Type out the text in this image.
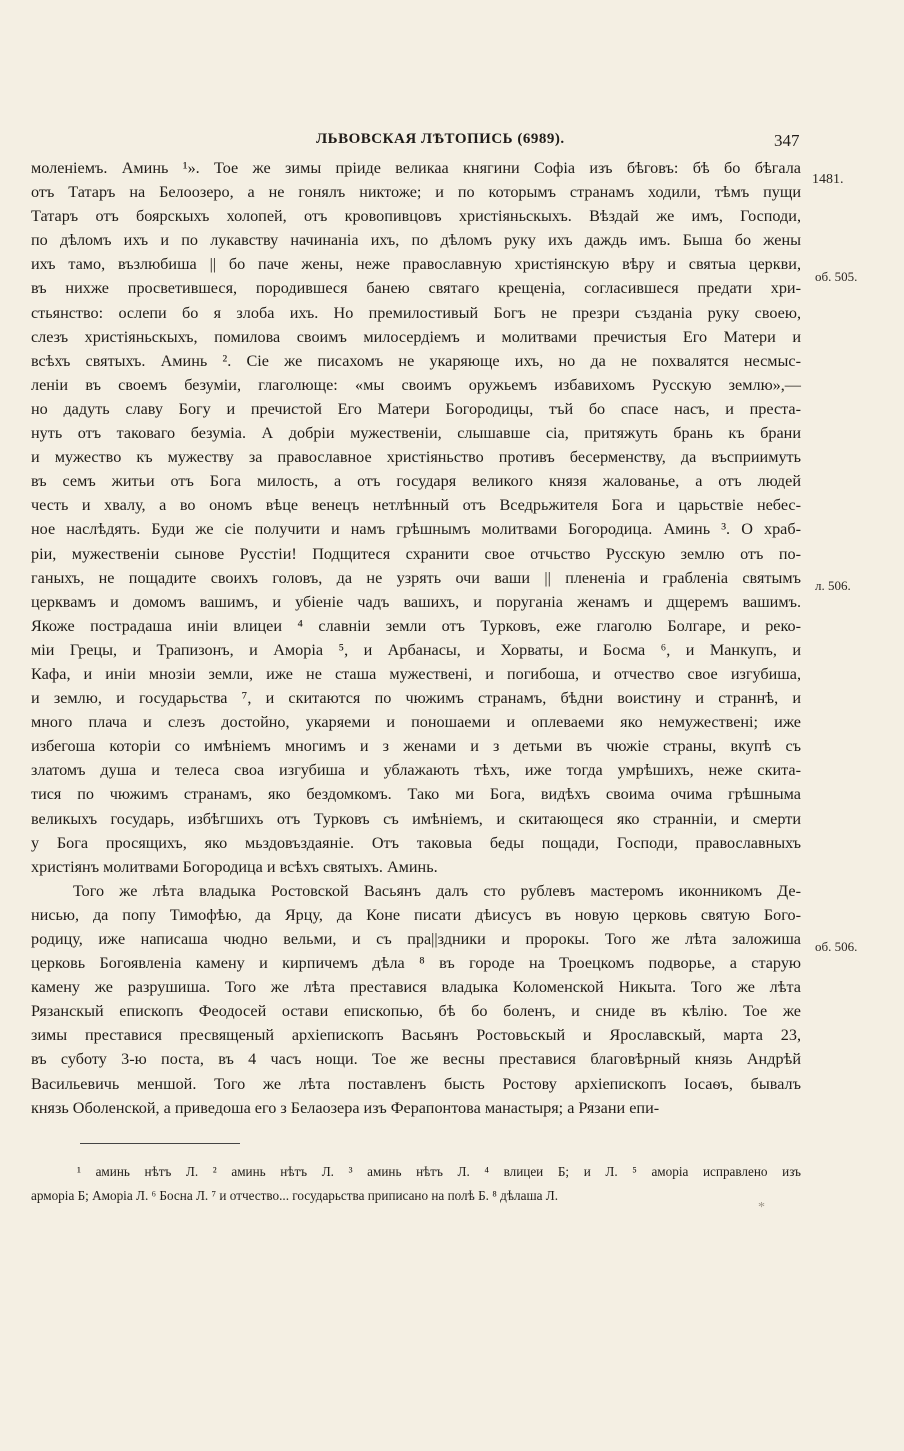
ЛЬВОВСКАЯ ЛѢТОПИСЬ (6989).	347
моленiемъ. Аминь ¹». Тое же зимы прiиде великаа княгини Софiа изъ бѣговъ: бѣ бо бѣгала
отъ Татаръ на Белоозеро, а не гонялъ никтоже; и по которымъ странамъ ходили, тѣмъ пущи
Татаръ отъ боярскыхъ холопей, отъ кровопивцовъ христiяньскыхъ. Вѣздай же имъ, Господи,
по дѣломъ ихъ и по лукавству начинанiа ихъ, по дѣломъ руку ихъ даждь имъ. Быша бо жены
ихъ тамо, възлюбиша || бо паче жены, неже православную христiянскую вѣру и святыа церкви,
въ нихже просветившеся, породившеся банею святаго крещенiа, согласившеся предати хри-
стьянство: ослепи бо я злоба ихъ. Но премилостивый Богъ не презри създанiа руку своею,
слезъ христiяньскыхъ, помилова своимъ милосердiемъ и молитвами пречистыя Его Матери и
всѣхъ святыхъ. Аминь ². Сiе же писахомъ не укаряюще ихъ, но да не похвалятся несмыс-
ленiи въ своемъ безумiи, глаголюще: «мы своимъ оружьемъ избавихомъ Русскую землю»,—
но дадуть славу Богу и пречистой Его Матери Богородицы, тъй бо спасе насъ, и преста-
нуть отъ таковаго безумiа. А добрiи мужественiи, слышавше сiа, притяжуть брань къ брани
и мужество къ мужеству за православное христiяньство противъ бесерменству, да въсприимуть
въ семъ житьи отъ Бога милость, а отъ государя великого князя жалованье, а отъ людей
честь и хвалу, а во ономъ вѣце венецъ нетлѣнный отъ Вседрьжителя Бога и царьствiе небес-
ное наслѣдять. Буди же сiе получити и намъ грѣшнымъ молитвами Богородица. Аминь ³. О храб-
рiи, мужественiи сынове Русстiи! Подщитеся схранити свое отчьство Русскую землю отъ по-
ганыхъ, не пощадите своихъ головъ, да не узрять очи ваши || плененiа и грабленiа святымъ
церквамъ и домомъ вашимъ, и убiенiе чадъ вашихъ, и поруганiа женамъ и дщеремъ вашимъ.
Якоже пострадаша инiи влицеи ⁴ славнiи земли отъ Турковъ, еже глаголю Болгаре, и реко-
мiи Грецы, и Трапизонъ, и Аморiа ⁵, и Арбанасы, и Хорваты, и Босма ⁶, и Манкупъ, и
Кафа, и инiи мнозiи земли, иже не сташа мужественi, и погибоша, и отчество свое изгубиша,
и землю, и государьства ⁷, и скитаются по чюжимъ странамъ, бѣдни воистину и страннѣ, и
много плача и слезъ достойно, укаряеми и поношаеми и оплеваеми яко немужественi; иже
избегоша которiи со имѣнiемъ многимъ и з женами и з детьми въ чюжiе страны, вкупѣ съ
златомъ душа и телеса своа изгубиша и ублажають тѣхъ, иже тогда умрѣшихъ, неже скита-
тися по чюжимъ странамъ, яко бездомкомъ. Тако ми Бога, видѣхъ своима очима грѣшныма
великыхъ государь, избѣгшихъ отъ Турковъ съ имѣнiемъ, и скитающеся яко страннiи, и смерти
у Бога просящихъ, яко мьздовъздаянiе. Отъ таковыа беды пощади, Господи, православныхъ
христiянъ молитвами Богородица и всѣхъ святыхъ. Аминь.
Того же лѣта владыка Ростовской Васьянъ далъ сто рублевъ мастеромъ иконникомъ Де-
нисью, да попу Тимофѣю, да Ярцу, да Коне писати дѣисусъ въ новую церковь святую Бого-
родицу, иже написаша чюдно вельми, и съ пра||здники и пророкы. Того же лѣта заложиша
церковь Богоявленiа камену и кирпичемъ дѣла ⁸ въ городе на Троецкомъ подворье, а старую
камену же разрушиша. Того же лѣта преставися владыка Коломенской Никыта. Того же лѣта
Рязанскый епископъ Феодосей остави епископью, бѣ бо боленъ, и сниде въ кѣлiю. Тое же
зимы преставися пресвященый архiепископъ Васьянъ Ростовьскый и Ярославскый, марта 23,
въ суботу 3-ю поста, въ 4 часъ нощи. Тое же весны преставися благовѣрный князь Андрѣй
Васильевичь меншой. Того же лѣта поставленъ бысть Ростову архiепископъ Iосаѳъ, бывалъ
князь Оболенской, а приведоша его з Белаозера изъ Ферапонтова манастыря; а Рязани епи-
1481.
об. 505.
л. 506.
об. 506.
¹ аминь нѣтъ Л. ² аминь нѣтъ Л. ³ аминь нѣтъ Л. ⁴ влицеи Б; и Л. ⁵ аморiа исправлено изъ
арморiа Б; Аморiа Л. ⁶ Босна Л. ⁷ и отчество... государьства приписано на полѣ Б. ⁸ дѣлаша Л.
*
